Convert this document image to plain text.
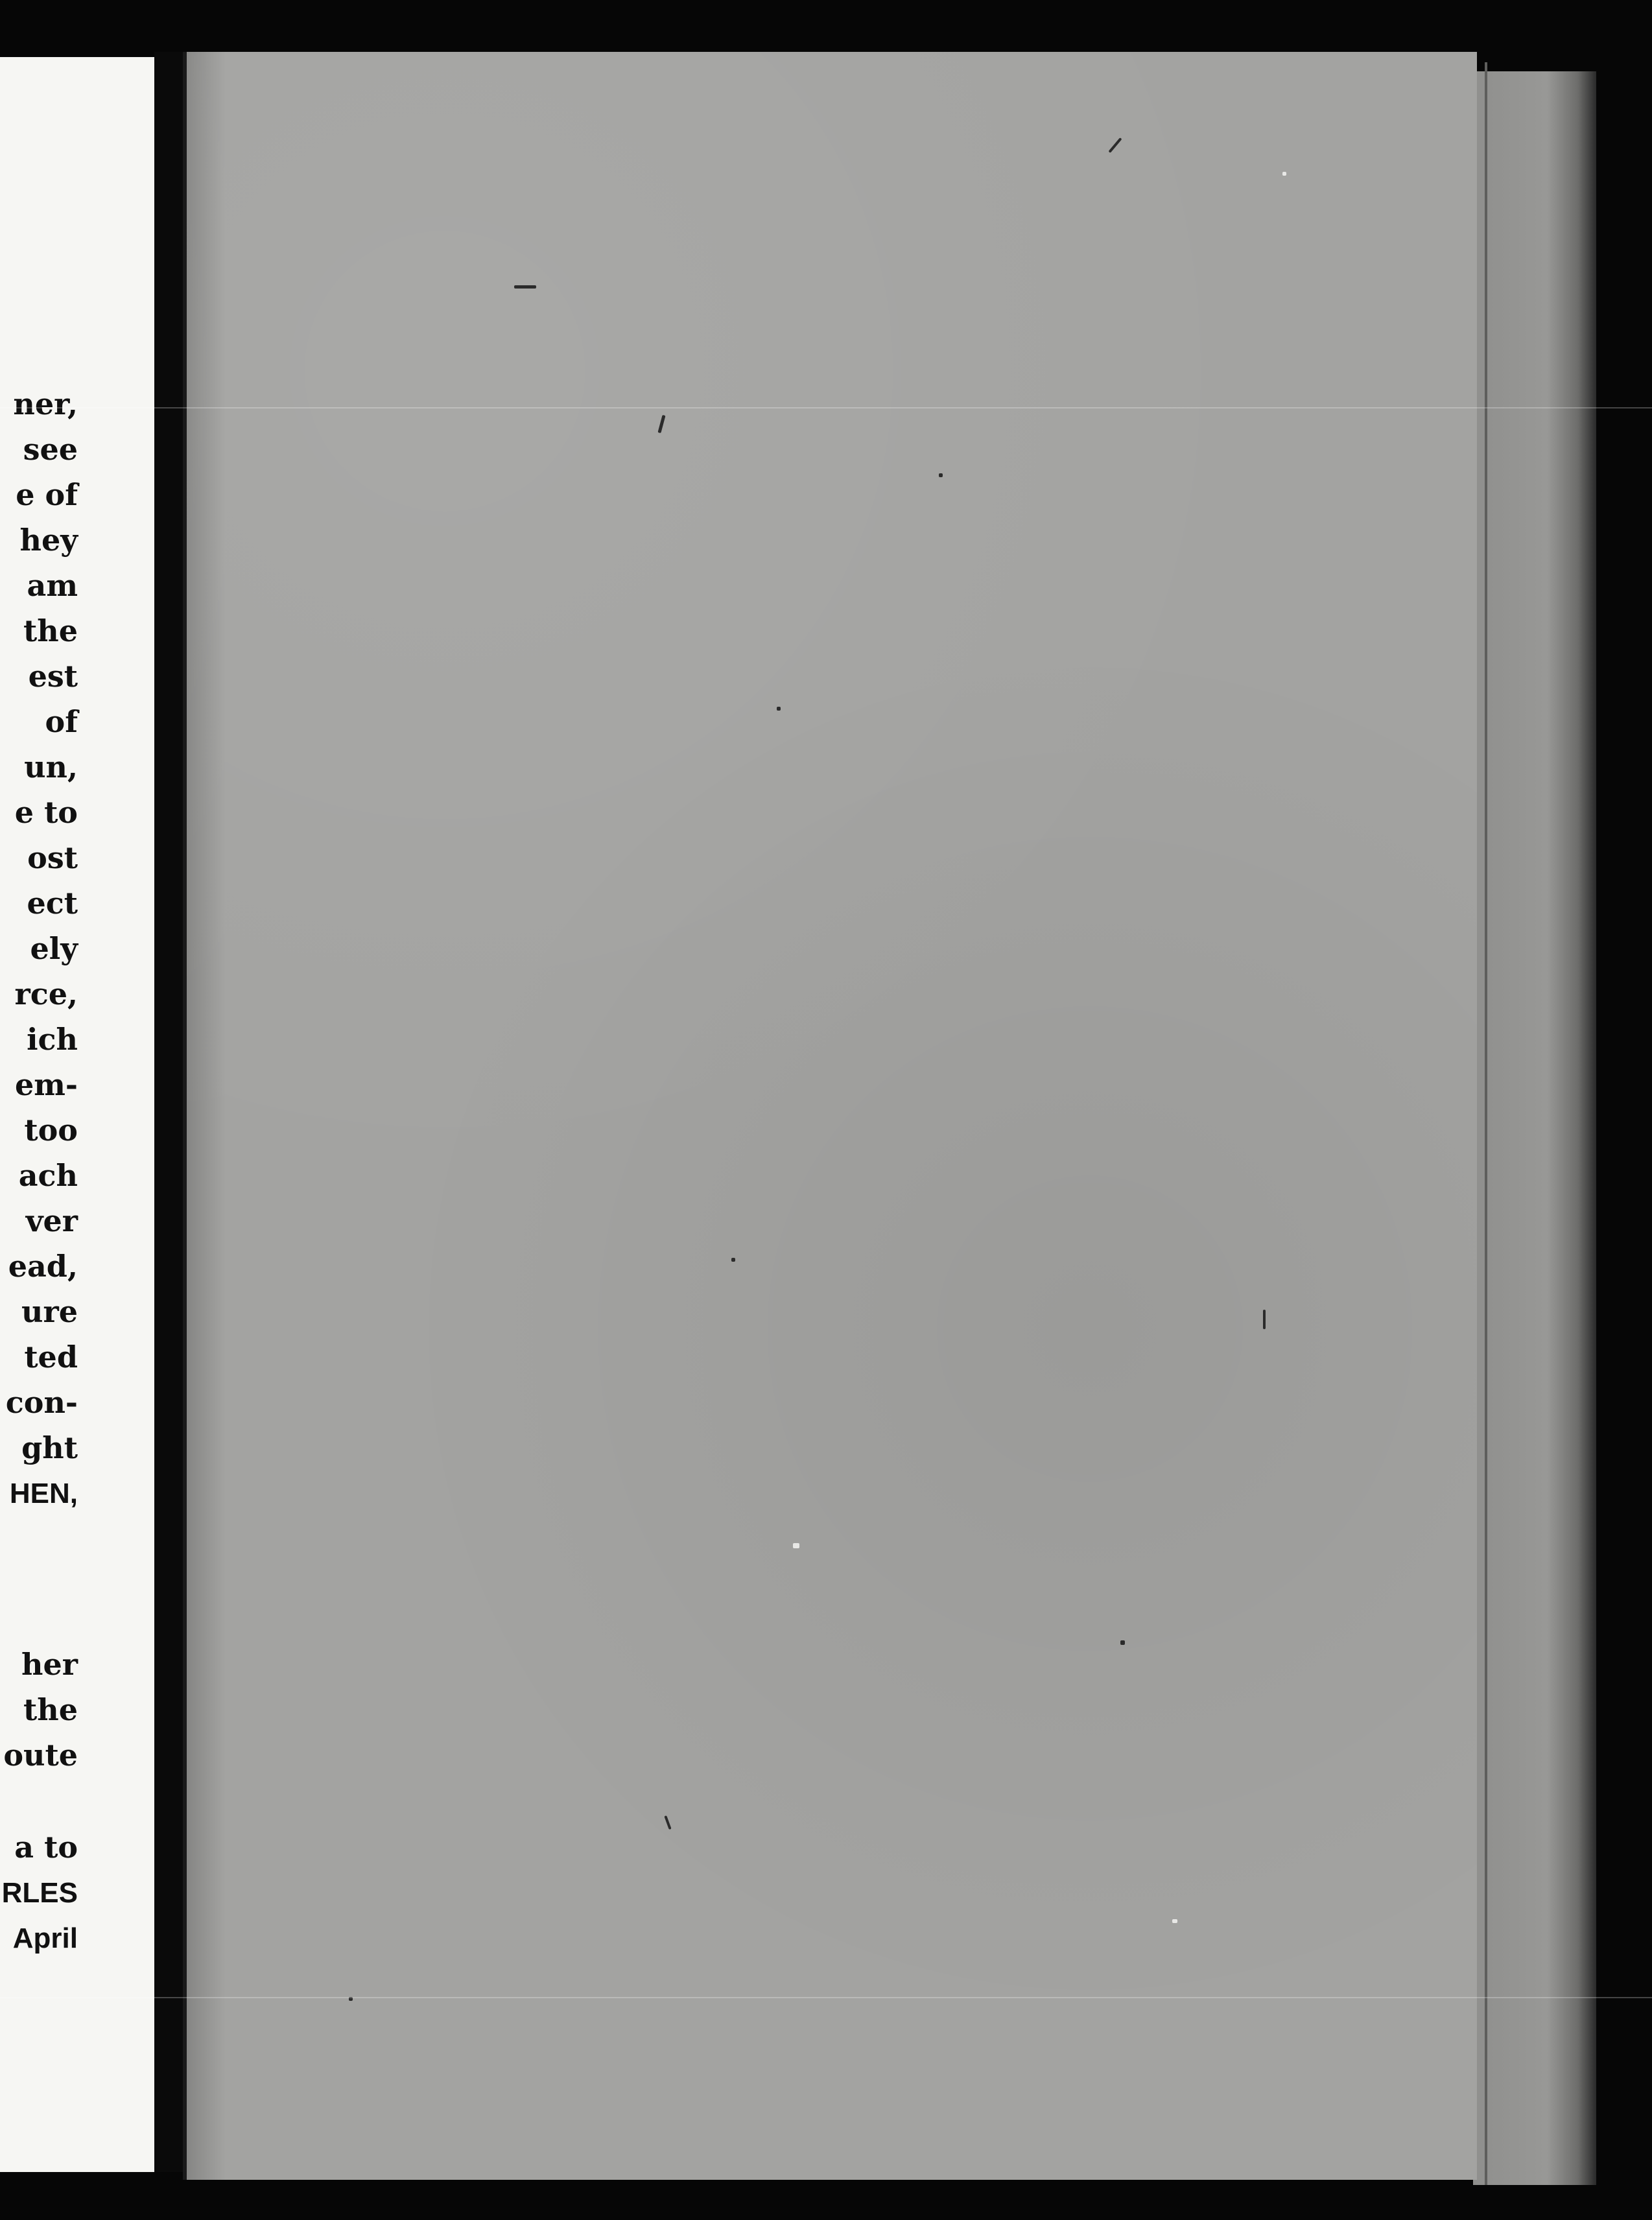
ner,
see
e of
hey
am
the
est
of
un,
e to
ost
ect
ely
rce,
ich
em-
too
ach
ver
ead,
ure
ted
con-
ght
HEN,
her
the
oute
a to
RLES
April
